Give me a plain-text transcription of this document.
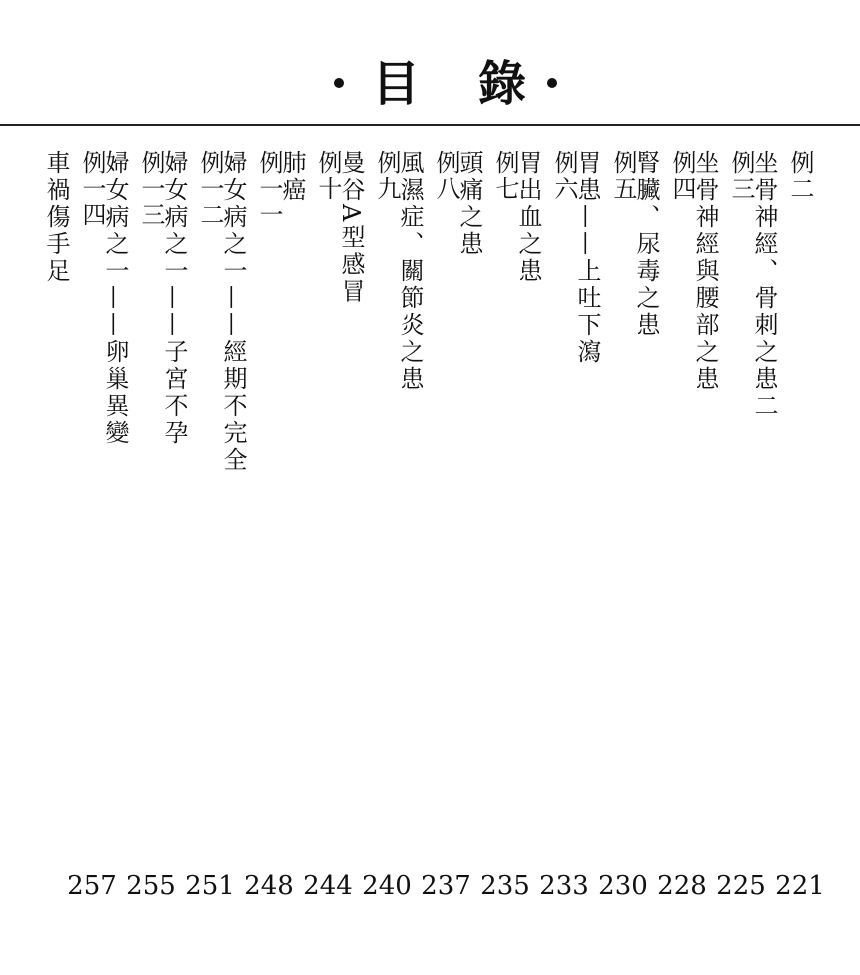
目 錄
例二
坐骨神經、骨刺之患二
例三
坐骨神經與腰部之患
例四
腎臟、尿毒之患
例五
胃患——上吐下瀉
例六
胃出血之患
例七
頭痛之患
例八
風濕症、關節炎之患
例九
曼谷A型感冒
例十
肺癌
例一一
婦女病之一——經期不完全
例一二
婦女病之一——子宮不孕
例一三
婦女病之一——卵巢異變
例一四
車禍傷手足
221
225
228
230
233
235
237
240
244
248
251
255
257
